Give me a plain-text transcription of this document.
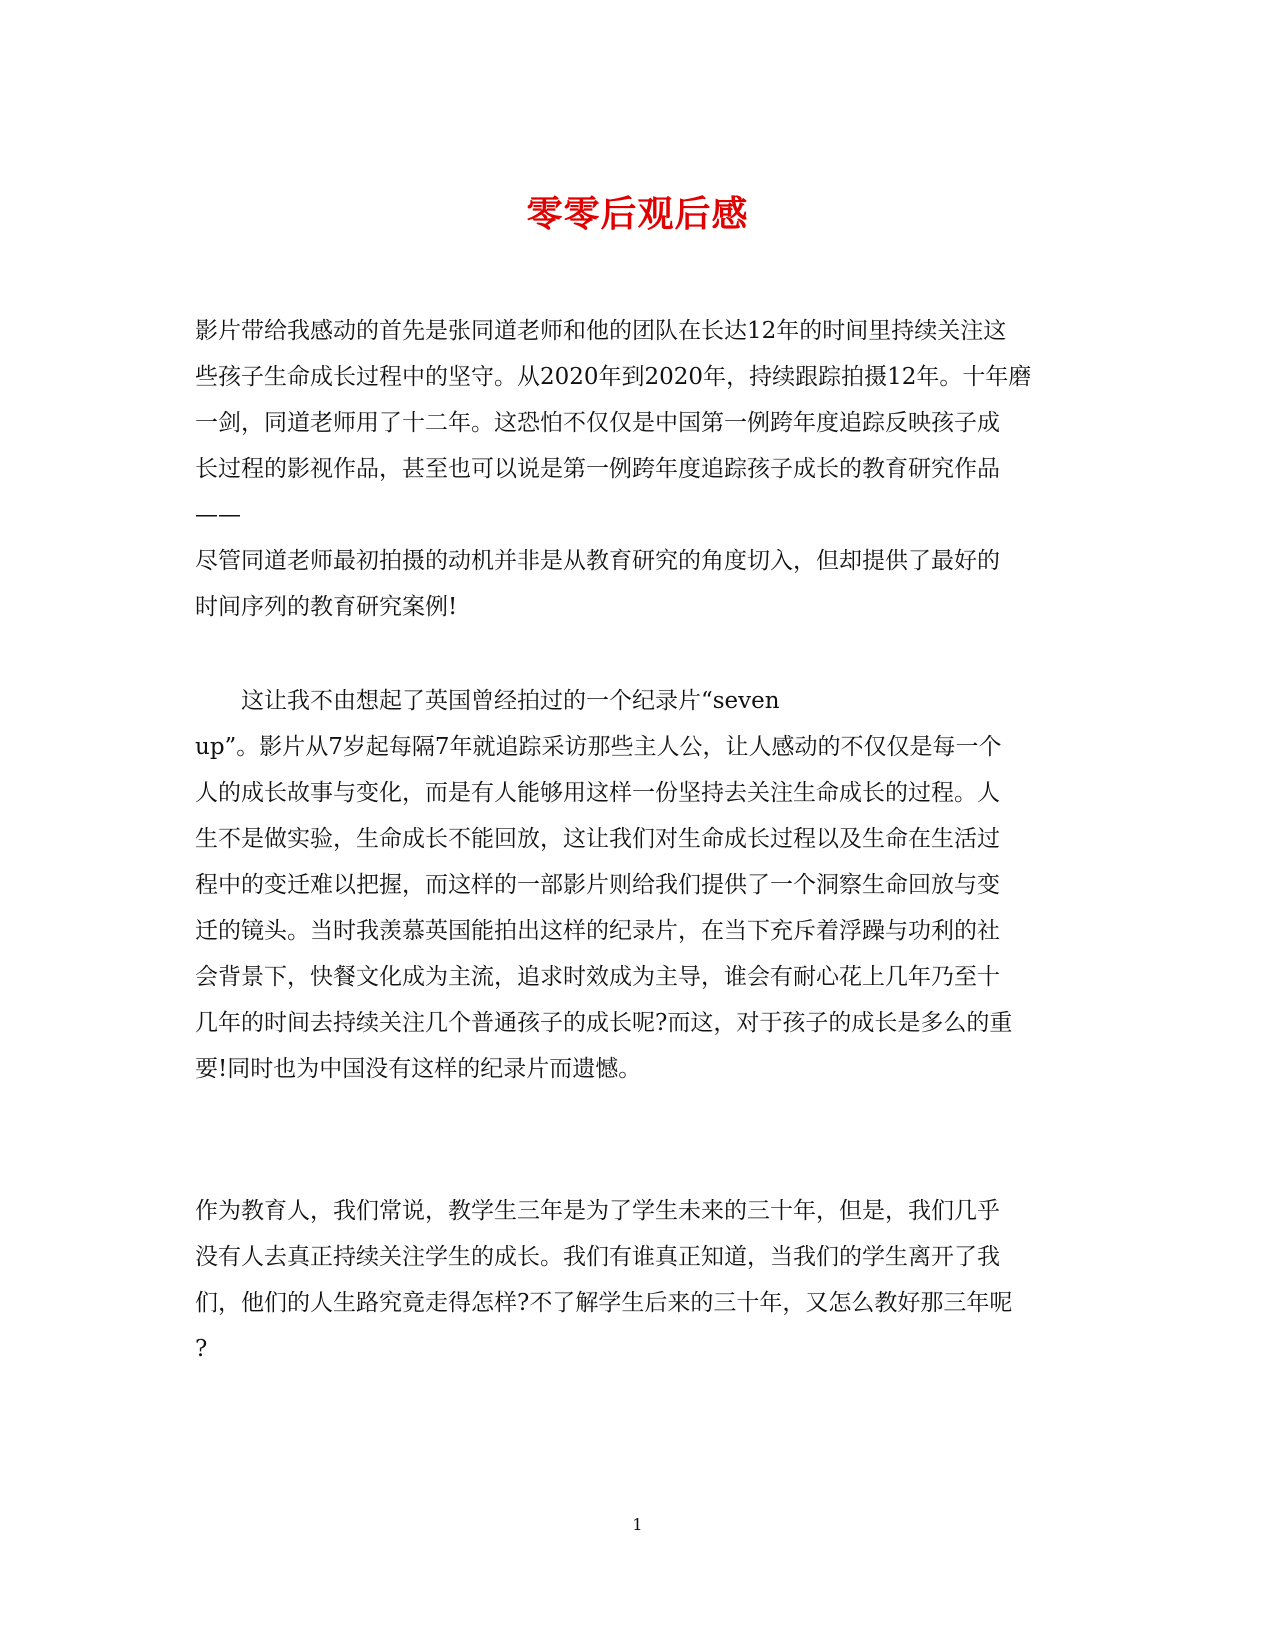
零零后观后感
影片带给我感动的首先是张同道老师和他的团队在长达12年的时间里持续关注这
些孩子生命成长过程中的坚守。从2020年到2020年，持续跟踪拍摄12年。十年磨
一剑，同道老师用了十二年。这恐怕不仅仅是中国第一例跨年度追踪反映孩子成
长过程的影视作品，甚至也可以说是第一例跨年度追踪孩子成长的教育研究作品
——
尽管同道老师最初拍摄的动机并非是从教育研究的角度切入，但却提供了最好的
时间序列的教育研究案例!
　　这让我不由想起了英国曾经拍过的一个纪录片“seven
up”。影片从7岁起每隔7年就追踪采访那些主人公，让人感动的不仅仅是每一个
人的成长故事与变化，而是有人能够用这样一份坚持去关注生命成长的过程。人
生不是做实验，生命成长不能回放，这让我们对生命成长过程以及生命在生活过
程中的变迁难以把握，而这样的一部影片则给我们提供了一个洞察生命回放与变
迁的镜头。当时我羡慕英国能拍出这样的纪录片，在当下充斥着浮躁与功利的社
会背景下，快餐文化成为主流，追求时效成为主导，谁会有耐心花上几年乃至十
几年的时间去持续关注几个普通孩子的成长呢?而这，对于孩子的成长是多么的重
要!同时也为中国没有这样的纪录片而遗憾。
作为教育人，我们常说，教学生三年是为了学生未来的三十年，但是，我们几乎
没有人去真正持续关注学生的成长。我们有谁真正知道，当我们的学生离开了我
们，他们的人生路究竟走得怎样?不了解学生后来的三十年，又怎么教好那三年呢
?
1
